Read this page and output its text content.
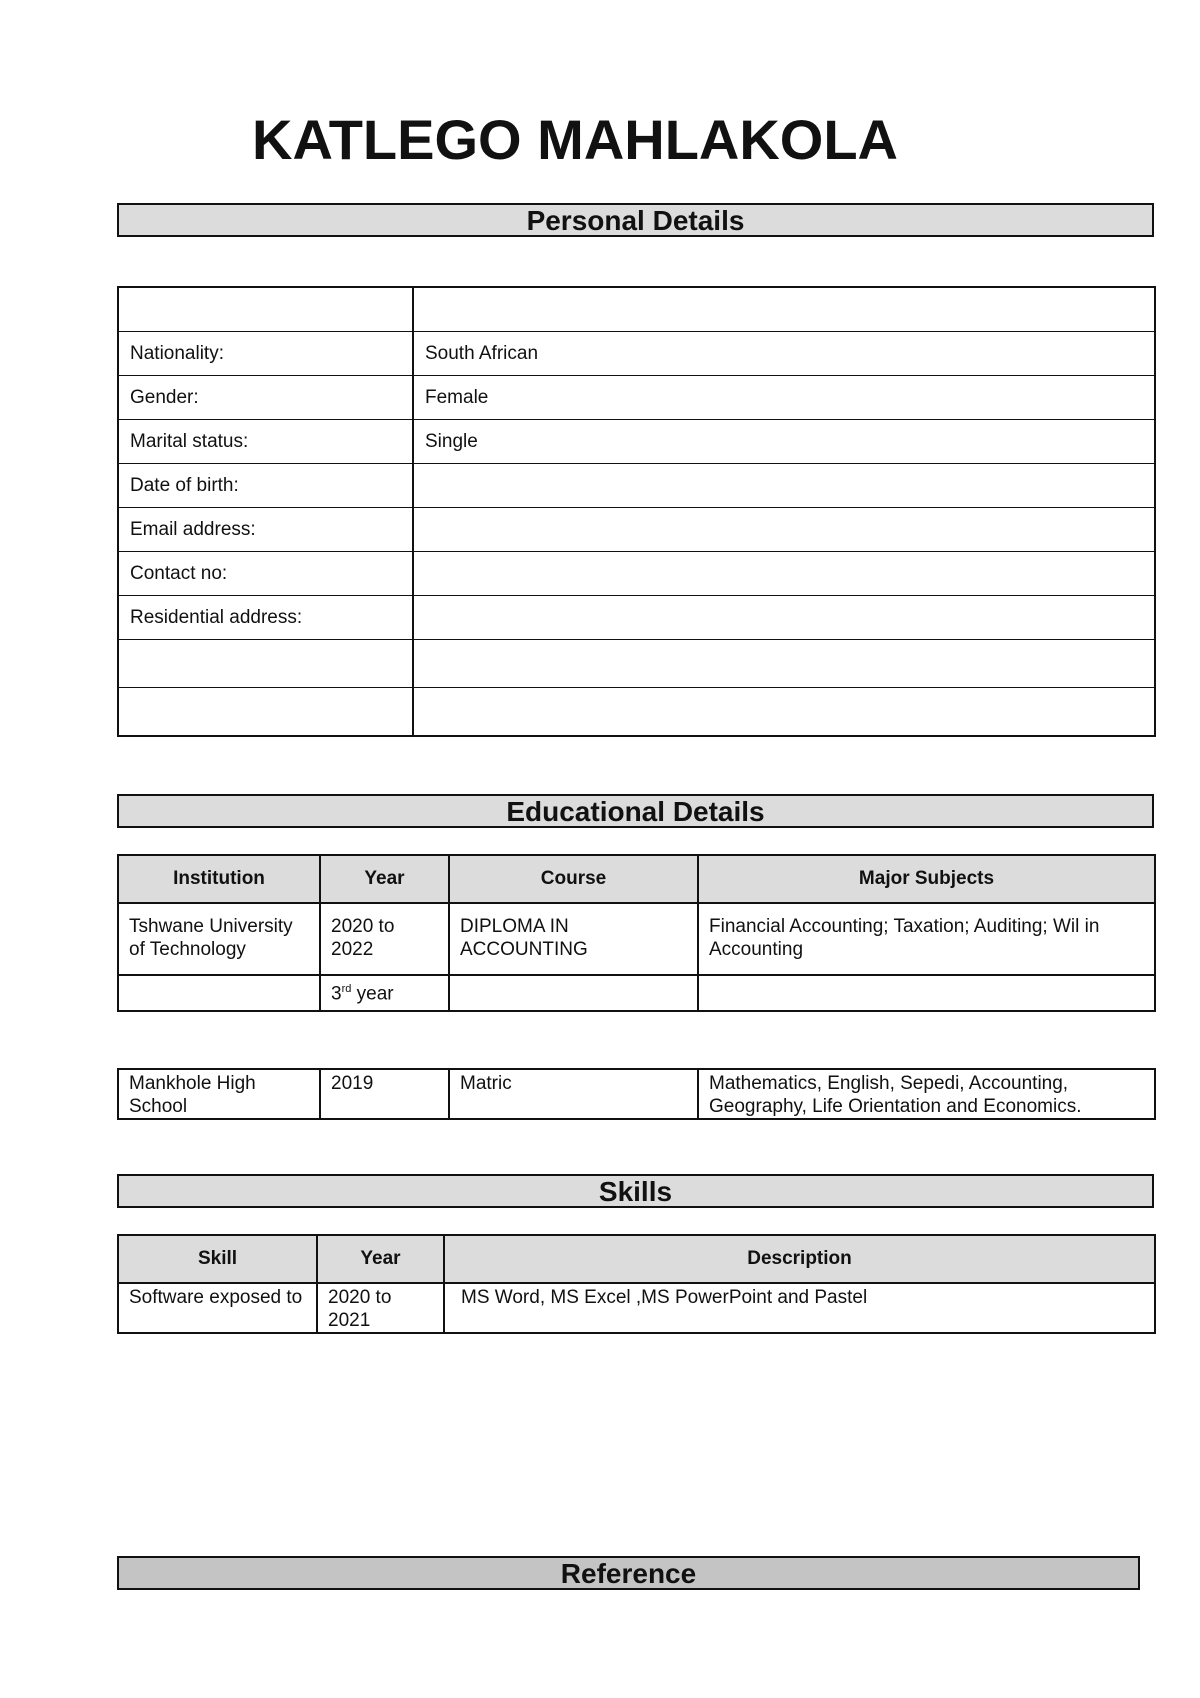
KATLEGO MAHLAKOLA
Personal Details

Nationality:	South African
Gender:	Female
Marital status:	Single
Date of birth:	
Email address:	
Contact no:	
Residential address:	

Educational Details
Institution	Year	Course	Major Subjects
Tshwane University of Technology	2020 to 2022	DIPLOMA IN ACCOUNTING	Financial Accounting; Taxation; Auditing; Wil in Accounting
	3rd year		
Mankhole High School	2019	Matric	Mathematics, English, Sepedi, Accounting, Geography, Life Orientation and Economics.
Skills
Skill	Year	Description
Software exposed to	2020 to 2021	MS Word, MS Excel ,MS PowerPoint and Pastel
Reference
